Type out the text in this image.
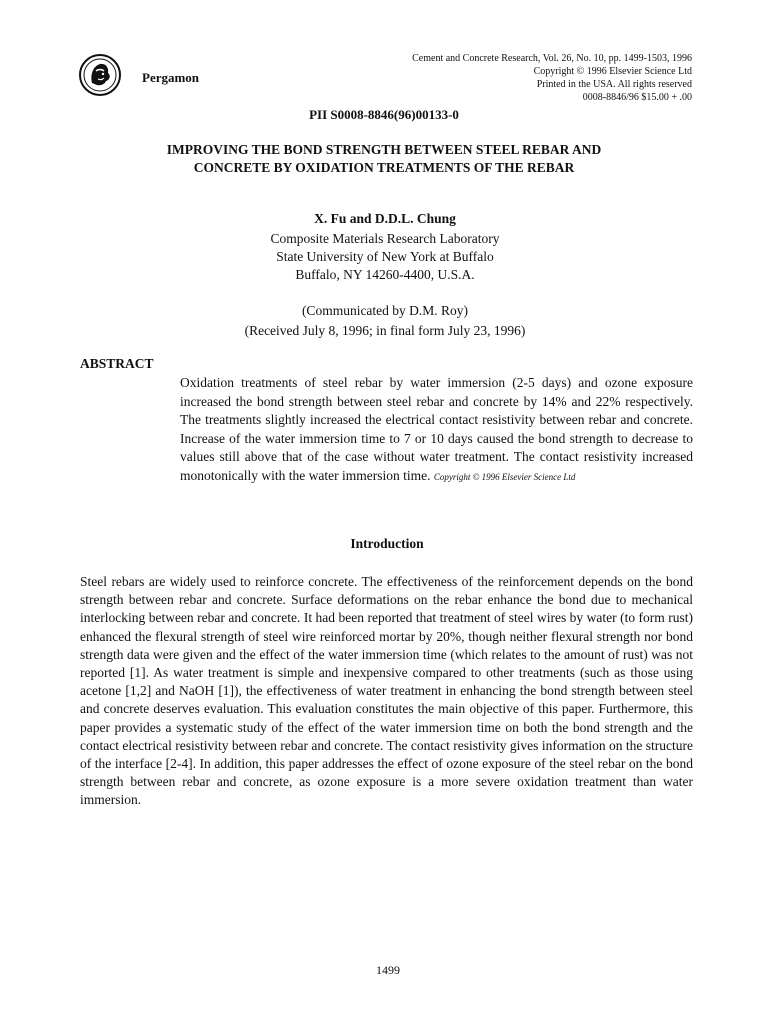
Pergamon
Cement and Concrete Research, Vol. 26, No. 10, pp. 1499-1503, 1996
Copyright © 1996 Elsevier Science Ltd
Printed in the USA. All rights reserved
0008-8846/96 $15.00 + .00
PII S0008-8846(96)00133-0
IMPROVING THE BOND STRENGTH BETWEEN STEEL REBAR AND
CONCRETE BY OXIDATION TREATMENTS OF THE REBAR
X. Fu and D.D.L. Chung
Composite Materials Research Laboratory
State University of New York at Buffalo
Buffalo, NY 14260-4400, U.S.A.
(Communicated by D.M. Roy)
(Received July 8, 1996; in final form July 23, 1996)
ABSTRACT
Oxidation treatments of steel rebar by water immersion (2-5 days) and ozone exposure increased the bond strength between steel rebar and concrete by 14% and 22% respectively. The treatments slightly increased the electrical contact resistivity between rebar and concrete. Increase of the water immersion time to 7 or 10 days caused the bond strength to decrease to values still above that of the case without water treatment. The contact resistivity increased monotonically with the water immersion time. Copyright © 1996 Elsevier Science Ltd
Introduction
Steel rebars are widely used to reinforce concrete. The effectiveness of the reinforcement depends on the bond strength between rebar and concrete. Surface deformations on the rebar enhance the bond due to mechanical interlocking between rebar and concrete. It had been reported that treatment of steel wires by water (to form rust) enhanced the flexural strength of steel wire reinforced mortar by 20%, though neither flexural strength nor bond strength data were given and the effect of the water immersion time (which relates to the amount of rust) was not reported [1]. As water treatment is simple and inexpensive compared to other treatments (such as those using acetone [1,2] and NaOH [1]), the effectiveness of water treatment in enhancing the bond strength between steel and concrete deserves evaluation. This evaluation constitutes the main objective of this paper. Furthermore, this paper provides a systematic study of the effect of the water immersion time on both the bond strength and the contact electrical resistivity between rebar and concrete. The contact resistivity gives information on the structure of the interface [2-4]. In addition, this paper addresses the effect of ozone exposure of the steel rebar on the bond strength between rebar and concrete, as ozone exposure is a more severe oxidation treatment than water immersion.
1499
